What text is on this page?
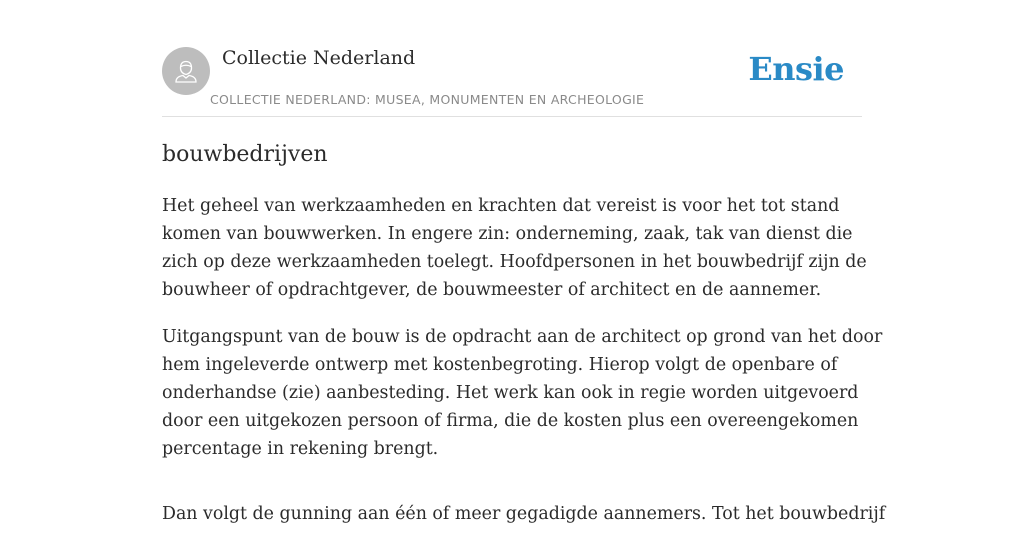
Collectie Nederland
COLLECTIE NEDERLAND: MUSEA, MONUMENTEN EN ARCHEOLOGIE
Ensie
bouwbedrijven

Het geheel van werkzaamheden en krachten dat vereist is voor het tot stand
komen van bouwwerken. In engere zin: onderneming, zaak, tak van dienst die
zich op deze werkzaamheden toelegt. Hoofdpersonen in het bouwbedrijf zijn de
bouwheer of opdrachtgever, de bouwmeester of architect en de aannemer.

Uitgangspunt van de bouw is de opdracht aan de architect op grond van het door
hem ingeleverde ontwerp met kostenbegroting. Hierop volgt de openbare of
onderhandse (zie) aanbesteding. Het werk kan ook in regie worden uitgevoerd
door een uitgekozen persoon of firma, die de kosten plus een overeengekomen
percentage in rekening brengt.

Dan volgt de gunning aan één of meer gegadigde aannemers. Tot het bouwbedrijf
